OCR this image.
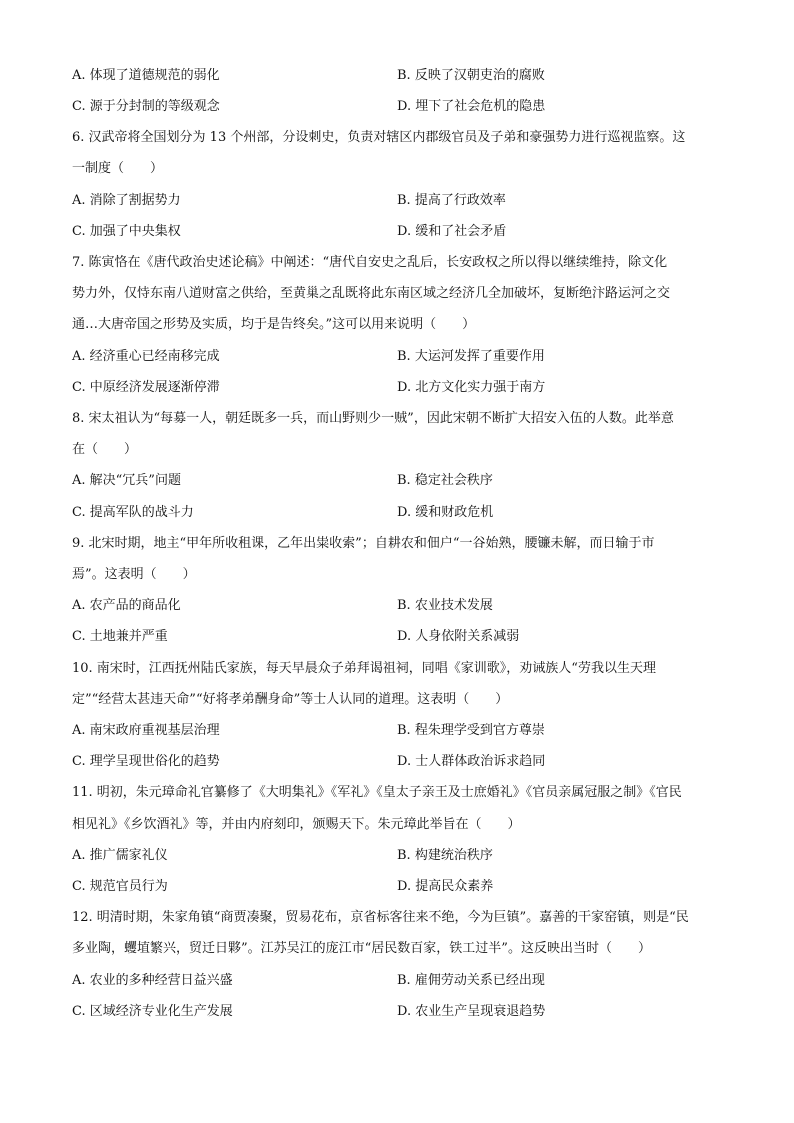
A. 体现了道德规范的弱化	B. 反映了汉朝吏治的腐败
C. 源于分封制的等级观念	D. 埋下了社会危机的隐患
6. 汉武帝将全国划分为 13 个州部，分设刺史，负责对辖区内郡级官员及子弟和豪强势力进行巡视监察。这
一制度（　　）
A. 消除了割据势力	B. 提高了行政效率
C. 加强了中央集权	D. 缓和了社会矛盾
7. 陈寅恪在《唐代政治史述论稿》中阐述：“唐代自安史之乱后，长安政权之所以得以继续维持，除文化
势力外，仅恃东南八道财富之供给，至黄巢之乱既将此东南区域之经济几全加破坏，复断绝汴路运河之交
通…大唐帝国之形势及实质，均于是告终矣。”这可以用来说明（　　）
A. 经济重心已经南移完成	B. 大运河发挥了重要作用
C. 中原经济发展逐渐停滞	D. 北方文化实力强于南方
8. 宋太祖认为“每募一人，朝廷既多一兵，而山野则少一贼”，因此宋朝不断扩大招安入伍的人数。此举意
在（　　）
A. 解决“冗兵”问题	B. 稳定社会秩序
C. 提高军队的战斗力	D. 缓和财政危机
9. 北宋时期，地主“甲年所收租课，乙年出粜收索”；自耕农和佃户“一谷始熟，腰镰未解，而日输于市
焉”。这表明（　　）
A. 农产品的商品化	B. 农业技术发展
C. 土地兼并严重	D. 人身依附关系减弱
10. 南宋时，江西抚州陆氏家族，每天早晨众子弟拜谒祖祠，同唱《家训歌》，劝诫族人“劳我以生天理
定”“经营太甚违天命”“好将孝弟酬身命”等士人认同的道理。这表明（　　）
A. 南宋政府重视基层治理	B. 程朱理学受到官方尊崇
C. 理学呈现世俗化的趋势	D. 士人群体政治诉求趋同
11. 明初，朱元璋命礼官纂修了《大明集礼》《军礼》《皇太子亲王及士庶婚礼》《官员亲属冠服之制》《官民
相见礼》《乡饮酒礼》等，并由内府刻印，颁赐天下。朱元璋此举旨在（　　）
A. 推广儒家礼仪	B. 构建统治秩序
C. 规范官员行为	D. 提高民众素养
12. 明清时期，朱家角镇“商贾凑聚，贸易花布，京省标客往来不绝，今为巨镇”。嘉善的干家窑镇，则是“民
多业陶，蠼埴繁兴，贸迁日夥”。江苏吴江的庞江市“居民数百家，铁工过半”。这反映出当时（　　）
A. 农业的多种经营日益兴盛	B. 雇佣劳动关系已经出现
C. 区域经济专业化生产发展	D. 农业生产呈现衰退趋势
